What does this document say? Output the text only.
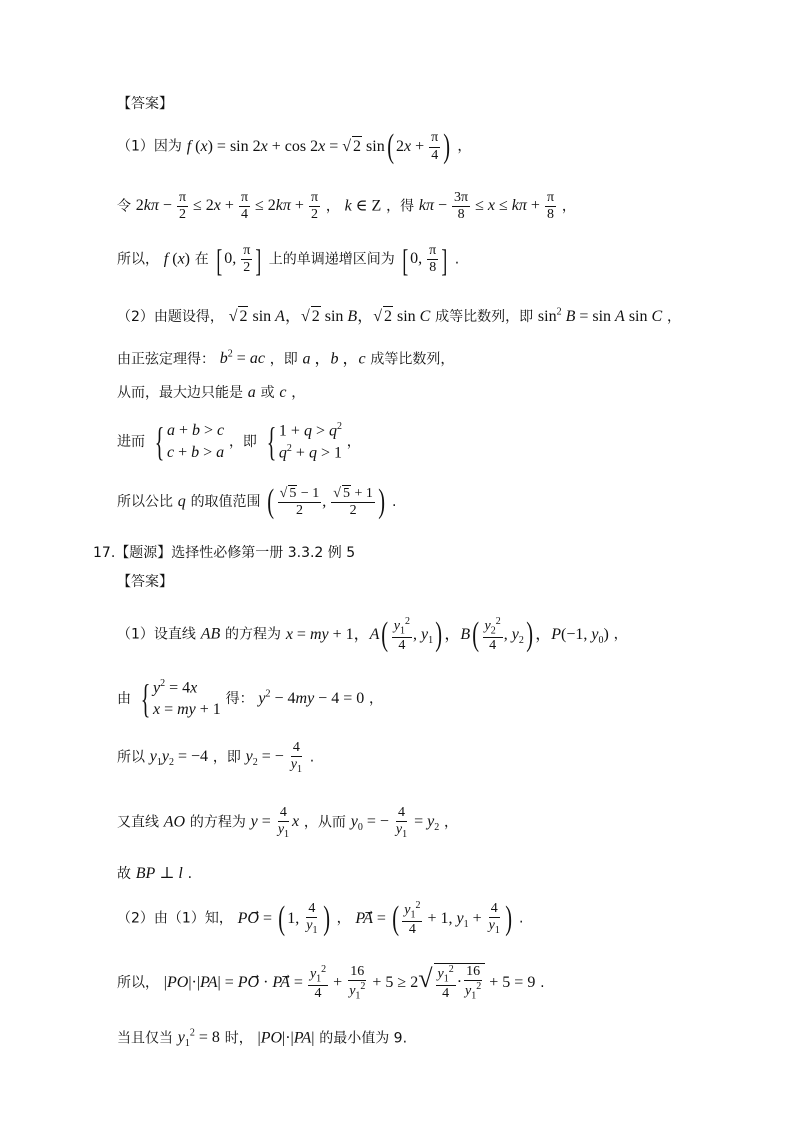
【答案】
（1）因为 f (x) = sin 2x + cos 2x = √ 2 sin( $2x + \frac{\pi}{4}$ ) ，
令 $2k\pi - \frac{\pi}{2} \le 2x + \frac{\pi}{4} \le 2k\pi + \frac{\pi}{2}$ ， k ∈ Z ，得 $k\pi - \frac{3\pi}{8} \le x \le k\pi + \frac{\pi}{8}$ ，
所以， f (x) 在 [ 0, $\frac{\pi}{2}$ ] 上的单调递增区间为 [ 0, $\frac{\pi}{8}$ ] .
（2）由题设得， √ 2 sin A，√ 2 sin B，√ 2 sin C 成等比数列，即 $\sin^2 B = \sin A$ sin C ，
由正弦定理得： $b^2$ = ac ，即 a ，b ，c 成等比数列，
从而，最大边只能是 a 或 c ，
进而 { a + b > c
c + b > a
，即 { $1 + q > q^2$
$q^2 + q > 1$
，
所以公比 q 的取值范围 ( $\frac{√ 5 - 1}{2}$ , $\frac{√ 5 + 1}{2}$ ) .
17.【题源】选择性必修第一册 3.3.2 例 5
【答案】
（1）设直线 AB 的方程为 x = my + 1，$A( \frac{y_1^2}{4}$ , $y_1$) ，$B( \frac{y_2^2}{4}$ , $y_2$) ，P(−1, $y_0$) ，
由 { $y^2 = 4x$
x = my + 1
得： $y^2 - 4my - 4 = 0$ ，
所以 $y_1y_2 = -4$ ，即 $y_2$ = − $\frac{4}{y_1}$ .
又直线 AO 的方程为 $y = \frac{4}{y_1}$ x ，从而 $y_0$ = − $\frac{4}{y_1} = y_2$ ，
故 BP ⊥ l .
（2）由（1）知， PO⃗ = ( 1, $\frac{4}{y_1}$ ) ， PA⃗ = ( $\frac{y_1^2}{4} + 1$, $y_1 + \frac{4}{y_1}$ ) .
所以， |PO|·|PA| = PO⃗ · PA⃗ = $\frac{y_1^2}{4} + \frac{16}{y_1^2} + 5 \ge 2√ \frac{y_1^2}{4} \cdot \frac{16}{y_1^2} + 5 = 9$ .
当且仅当 $y_1^2 = 8$ 时， |PO|·|PA| 的最小值为 9.
